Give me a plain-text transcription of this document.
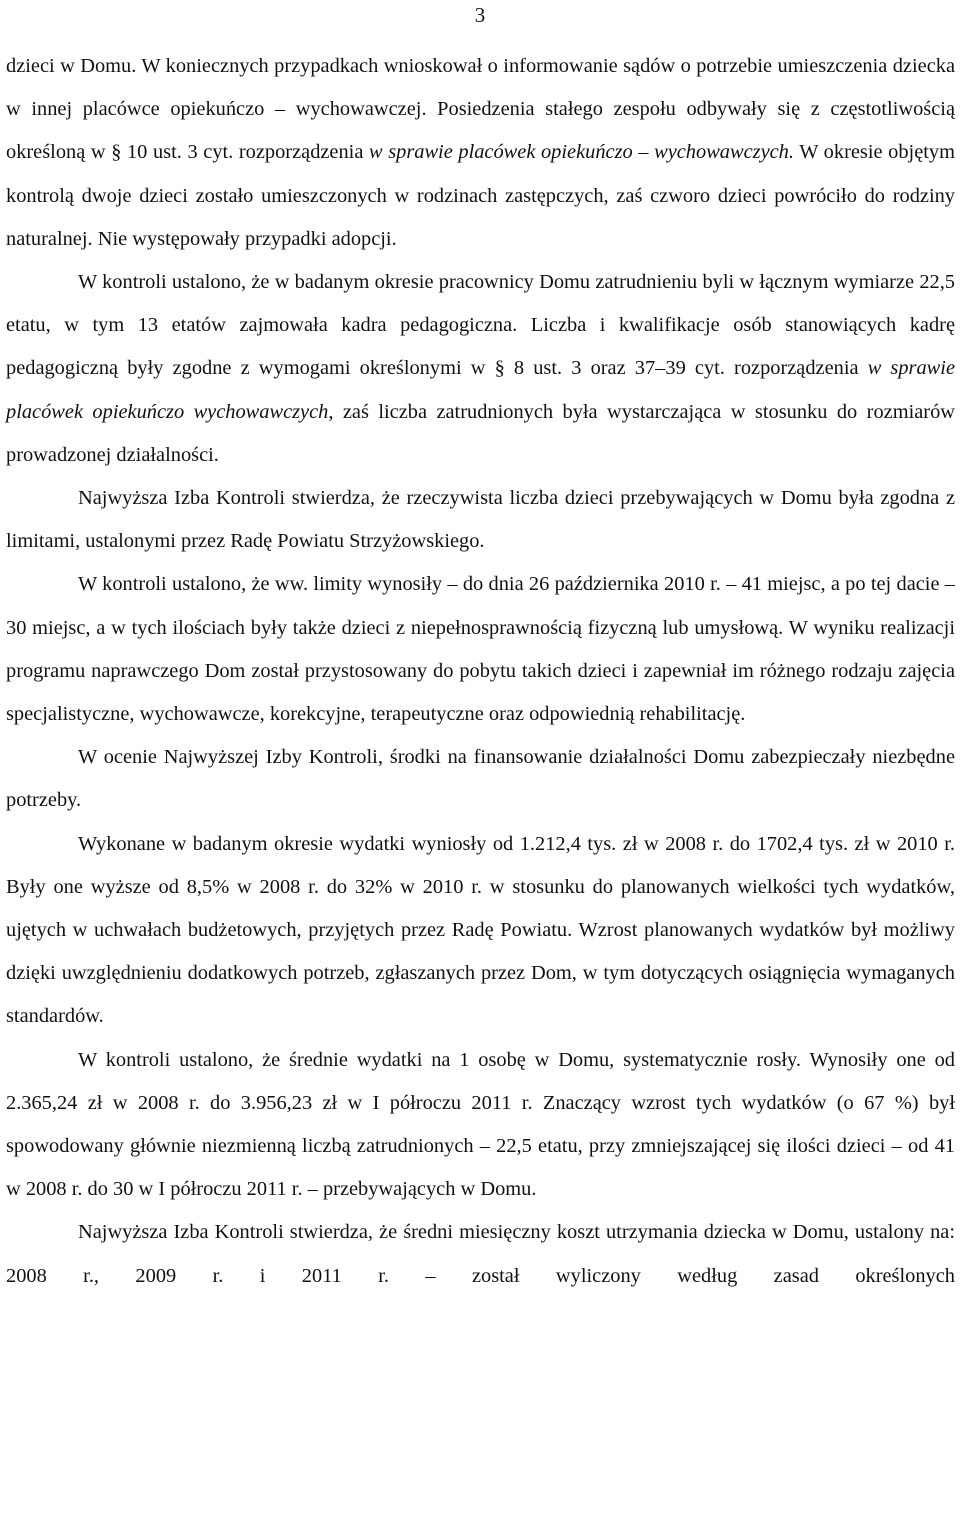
3

dzieci w Domu. W koniecznych przypadkach wnioskował o informowanie sądów o potrzebie umieszczenia dziecka w innej placówce opiekuńczo – wychowawczej. Posiedzenia stałego zespołu odbywały się z częstotliwością określoną w § 10 ust. 3 cyt. rozporządzenia w sprawie placówek opiekuńczo – wychowawczych. W okresie objętym kontrolą dwoje dzieci zostało umieszczonych w rodzinach zastępczych, zaś czworo dzieci powróciło do rodziny naturalnej. Nie występowały przypadki adopcji.

W kontroli ustalono, że w badanym okresie pracownicy Domu zatrudnieniu byli w łącznym wymiarze 22,5 etatu, w tym 13 etatów zajmowała kadra pedagogiczna. Liczba i kwalifikacje osób stanowiących kadrę pedagogiczną były zgodne z wymogami określonymi w § 8 ust. 3 oraz 37–39 cyt. rozporządzenia w sprawie placówek opiekuńczo wychowawczych, zaś liczba zatrudnionych była wystarczająca w stosunku do rozmiarów prowadzonej działalności.

Najwyższa Izba Kontroli stwierdza, że rzeczywista liczba dzieci przebywających w Domu była zgodna z limitami, ustalonymi przez Radę Powiatu Strzyżowskiego.

W kontroli ustalono, że ww. limity wynosiły – do dnia 26 października 2010 r. – 41 miejsc, a po tej dacie – 30 miejsc, a w tych ilościach były także dzieci z niepełnosprawnością fizyczną lub umysłową. W wyniku realizacji programu naprawczego Dom został przystosowany do pobytu takich dzieci i zapewniał im różnego rodzaju zajęcia specjalistyczne, wychowawcze, korekcyjne, terapeutyczne oraz odpowiednią rehabilitację.

W ocenie Najwyższej Izby Kontroli, środki na finansowanie działalności Domu zabezpieczały niezbędne potrzeby.

Wykonane w badanym okresie wydatki wyniosły od 1.212,4 tys. zł w 2008 r. do 1702,4 tys. zł w 2010 r. Były one wyższe od 8,5% w 2008 r. do 32% w 2010 r. w stosunku do planowanych wielkości tych wydatków, ujętych w uchwałach budżetowych, przyjętych przez Radę Powiatu. Wzrost planowanych wydatków był możliwy dzięki uwzględnieniu dodatkowych potrzeb, zgłaszanych przez Dom, w tym dotyczących osiągnięcia wymaganych standardów.

W kontroli ustalono, że średnie wydatki na 1 osobę w Domu, systematycznie rosły. Wynosiły one od 2.365,24 zł w 2008 r. do 3.956,23 zł w I półroczu 2011 r. Znaczący wzrost tych wydatków (o 67 %) był spowodowany głównie niezmienną liczbą zatrudnionych – 22,5 etatu, przy zmniejszającej się ilości dzieci – od 41 w 2008 r. do 30 w I półroczu 2011 r. – przebywających w Domu.

Najwyższa Izba Kontroli stwierdza, że średni miesięczny koszt utrzymania dziecka w Domu, ustalony na: 2008 r., 2009 r. i 2011 r. – został wyliczony według zasad określonych
